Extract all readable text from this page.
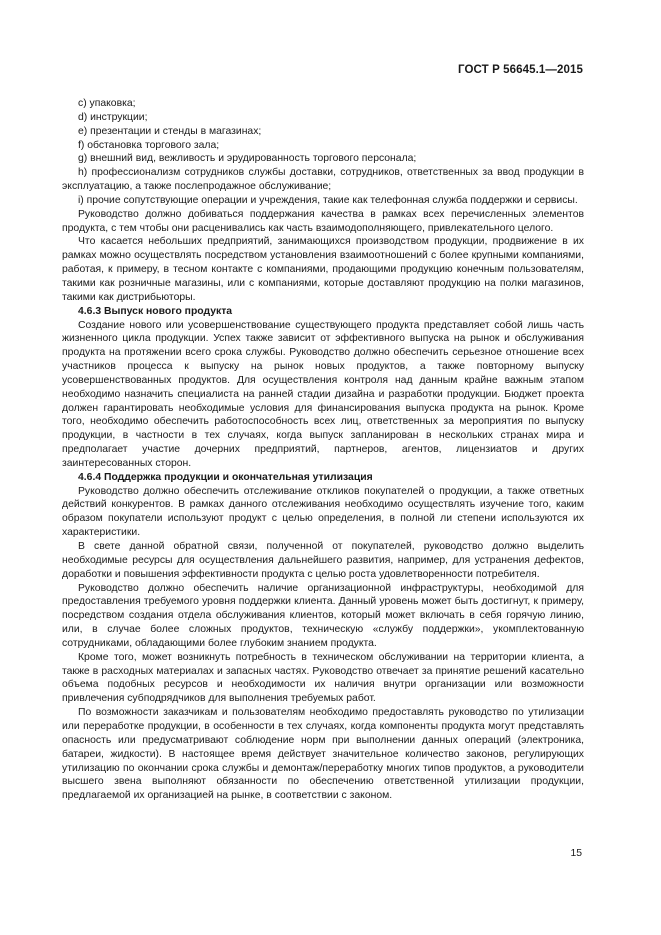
ГОСТ Р 56645.1—2015

c) упаковка;

d) инструкции;

e) презентации и стенды в магазинах;

f) обстановка торгового зала;

g) внешний вид, вежливость и эрудированность торгового персонала;

h) профессионализм сотрудников службы доставки, сотрудников, ответственных за ввод продукции в эксплуатацию, а также послепродажное обслуживание;

i) прочие сопутствующие операции и учреждения, такие как телефонная служба поддержки и сервисы.

Руководство должно добиваться поддержания качества в рамках всех перечисленных элементов продукта, с тем чтобы они расценивались как часть взаимодополняющего, привлекательного целого.

Что касается небольших предприятий, занимающихся производством продукции, продвижение в их рамках можно осуществлять посредством установления взаимоотношений с более крупными компаниями, работая, к примеру, в тесном контакте с компаниями, продающими продукцию конечным пользователям, такими как розничные магазины, или с компаниями, которые доставляют продукцию на полки магазинов, такими как дистрибьюторы.

4.6.3 Выпуск нового продукта

Создание нового или усовершенствование существующего продукта представляет собой лишь часть жизненного цикла продукции. Успех также зависит от эффективного выпуска на рынок и обслуживания продукта на протяжении всего срока службы. Руководство должно обеспечить серьезное отношение всех участников процесса к выпуску на рынок новых продуктов, а также повторному выпуску усовершенствованных продуктов. Для осуществления контроля над данным крайне важным этапом необходимо назначить специалиста на ранней стадии дизайна и разработки продукции. Бюджет проекта должен гарантировать необходимые условия для финансирования выпуска продукта на рынок. Кроме того, необходимо обеспечить работоспособность всех лиц, ответственных за мероприятия по выпуску продукции, в частности в тех случаях, когда выпуск запланирован в нескольких странах мира и предполагает участие дочерних предприятий, партнеров, агентов, лицензиатов и других заинтересованных сторон.

4.6.4 Поддержка продукции и окончательная утилизация

Руководство должно обеспечить отслеживание откликов покупателей о продукции, а также ответных действий конкурентов. В рамках данного отслеживания необходимо осуществлять изучение того, каким образом покупатели используют продукт с целью определения, в полной ли степени используются их характеристики.

В свете данной обратной связи, полученной от покупателей, руководство должно выделить необходимые ресурсы для осуществления дальнейшего развития, например, для устранения дефектов, доработки и повышения эффективности продукта с целью роста удовлетворенности потребителя.

Руководство должно обеспечить наличие организационной инфраструктуры, необходимой для предоставления требуемого уровня поддержки клиента. Данный уровень может быть достигнут, к примеру, посредством создания отдела обслуживания клиентов, который может включать в себя горячую линию, или, в случае более сложных продуктов, техническую «службу поддержки», укомплектованную сотрудниками, обладающими более глубоким знанием продукта.

Кроме того, может возникнуть потребность в техническом обслуживании на территории клиента, а также в расходных материалах и запасных частях. Руководство отвечает за принятие решений касательно объема подобных ресурсов и необходимости их наличия внутри организации или возможности привлечения субподрядчиков для выполнения требуемых работ.

По возможности заказчикам и пользователям необходимо предоставлять руководство по утилизации или переработке продукции, в особенности в тех случаях, когда компоненты продукта могут представлять опасность или предусматривают соблюдение норм при выполнении данных операций (электроника, батареи, жидкости). В настоящее время действует значительное количество законов, регулирующих утилизацию по окончании срока службы и демонтаж/переработку многих типов продуктов, а руководители высшего звена выполняют обязанности по обеспечению ответственной утилизации продукции, предлагаемой их организацией на рынке, в соответствии с законом.

15
